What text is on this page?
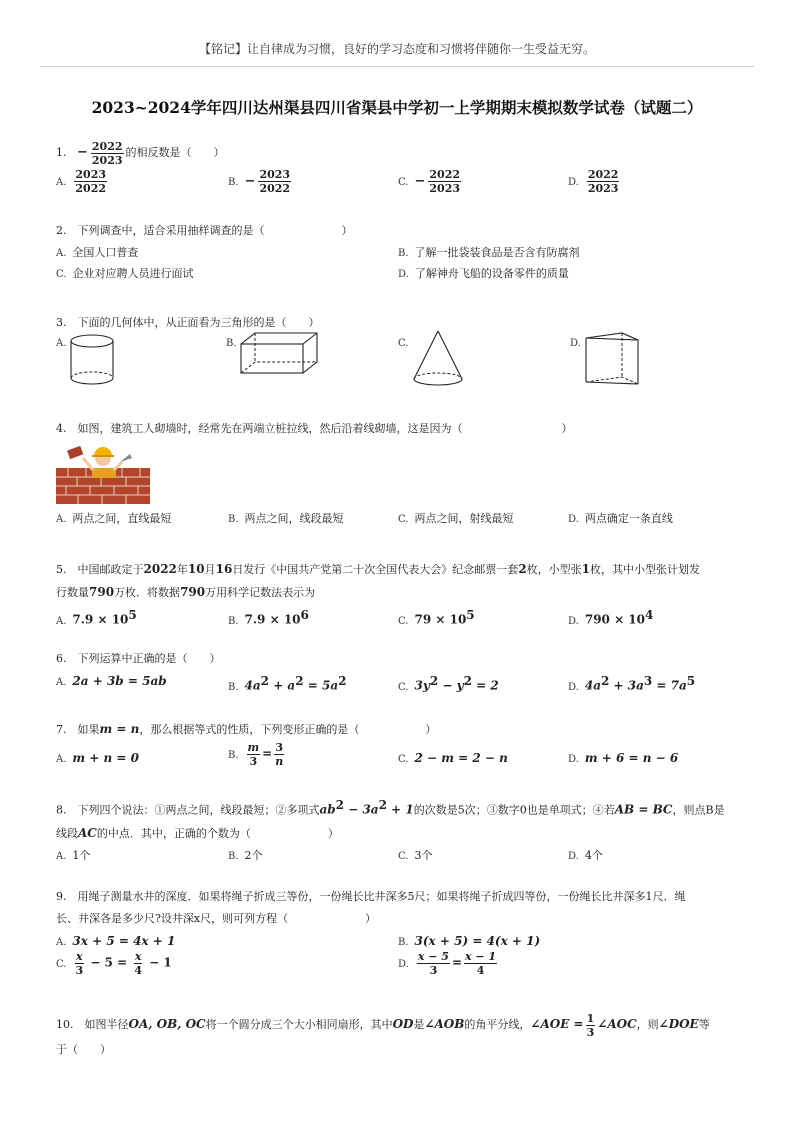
【铭记】让自律成为习惯，良好的学习态度和习惯将伴随你一生受益无穷。
2023~2024学年四川达州渠县四川省渠县中学初一上学期期末模拟数学试卷（试题二）
1. − $\frac{2022}{2023}$ 的相反数是（　　）
A. $\frac{2023}{2022}$	B. − $\frac{2023}{2022}$	C. − $\frac{2022}{2023}$	D. $\frac{2022}{2023}$
2.　下列调查中，适合采用抽样调查的是（　　　　　　　）
A. 全国人口普查	B. 了解一批袋装食品是否含有防腐剂
C. 企业对应聘人员进行面试	D. 了解神舟飞船的设备零件的质量
3.　下面的几何体中，从正面看为三角形的是（　　）
A.	B.	C.	D.
4.　如图，建筑工人砌墙时，经常先在两端立桩拉线，然后沿着线砌墙，这是因为（　　　　　　　　　）
A. 两点之间，直线最短	B. 两点之间，线段最短	C. 两点之间，射线最短	D. 两点确定一条直线
5.　中国邮政定于2022年10月16日发行《中国共产党第二十次全国代表大会》纪念邮票一套2枚，小型张1枚，其中小型张计划发
行数量790万枚．将数据790万用科学记数法表示为
A. $7.9 \times 10^5$	B. $7.9 \times 10^6$	C. $79 \times 10^5$	D. $790 \times 10^4$
6.　下列运算中正确的是（　　）
A. 2a + 3b = 5ab	B. $4a^2 + a^2 = 5a^2$	C. $3y^2 - y^2 = 2$	D. $4a^2 + 3a^3 = 7a^5$
7.　如果m = n，那么根据等式的性质，下列变形正确的是（　　　　　　）
A. m + n = 0	B. $\frac{m}{3} = \frac{3}{n}$	C. 2 − m = 2 − n	D. m + 6 = n − 6
8.　下列四个说法：①两点之间，线段最短；②多项式$ab^2 - 3a^2 + 1$的次数是5次；③数字0也是单项式；④若AB = BC，则点B是
线段AC的中点．其中，正确的个数为（　　　　　　　）
A. 1个	B. 2个	C. 3个	D. 4个
9.　用绳子测量水井的深度．如果将绳子折成三等份，一份绳长比井深多5尺；如果将绳子折成四等份，一份绳长比井深多1尺．绳
长、井深各是多少尺?设井深x尺，则可列方程（　　　　　　　）
A. 3x + 5 = 4x + 1	B. 3(x + 5) = 4(x + 1)
C. $\frac{x}{3} - 5 = \frac{x}{4} - 1$	D. $\frac{x - 5}{3} = \frac{x - 1}{4}$
10.　如图半径OA, OB, OC将一个圆分成三个大小相同扇形，其中OD是∠AOB的角平分线，∠AOE = $\frac{1}{3}$ ∠AOC，则∠DOE等
于（　　）
